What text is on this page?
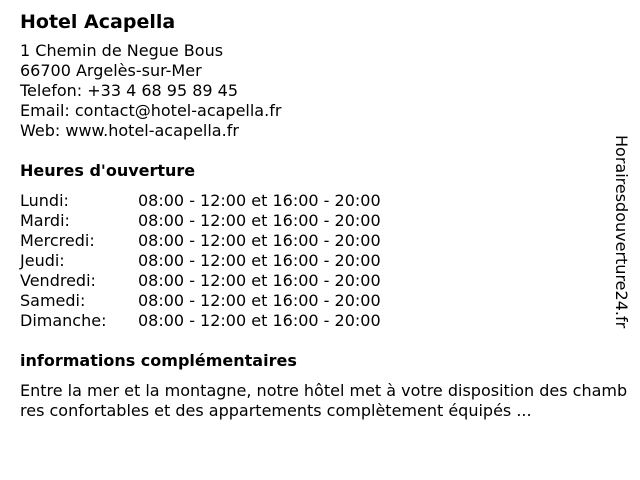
Hotel Acapella
1 Chemin de Negue Bous
66700 Argelès-sur-Mer
Telefon: +33 4 68 95 89 45
Email: contact@hotel-acapella.fr
Web: www.hotel-acapella.fr
Heures d'ouverture
Lundi:	08:00 - 12:00 et 16:00 - 20:00
Mardi:	08:00 - 12:00 et 16:00 - 20:00
Mercredi:	08:00 - 12:00 et 16:00 - 20:00
Jeudi:	08:00 - 12:00 et 16:00 - 20:00
Vendredi:	08:00 - 12:00 et 16:00 - 20:00
Samedi:	08:00 - 12:00 et 16:00 - 20:00
Dimanche:	08:00 - 12:00 et 16:00 - 20:00
informations complémentaires
Entre la mer et la montagne, notre hôtel met à votre disposition des chambres confortables et des appartements complètement équipés ...
Horairesdouverture24.fr
